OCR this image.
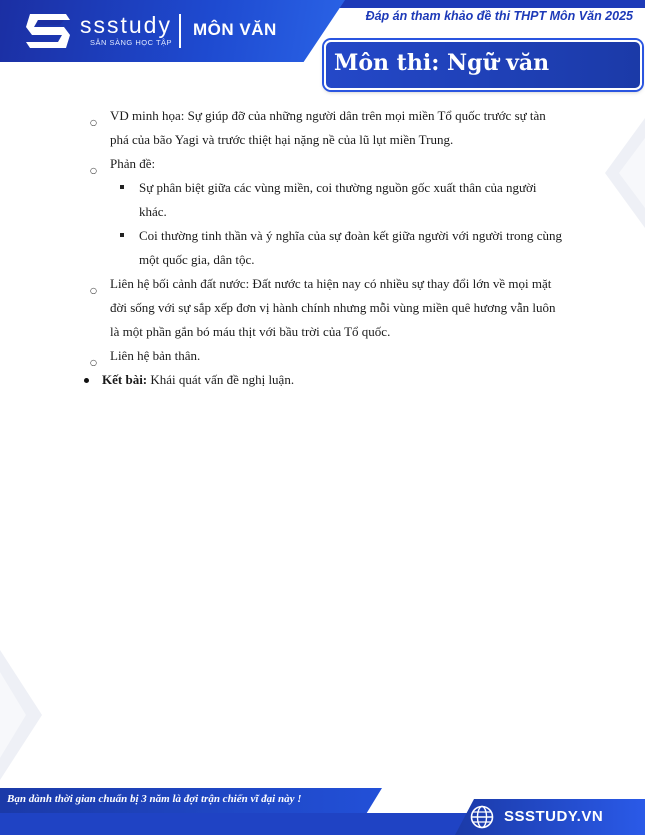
ssstudy
SẴN SÀNG HỌC TẬP
MÔN VĂN
Đáp án tham khảo đề thi THPT Môn Văn 2025
Môn thi: Ngữ văn
○ VD minh họa: Sự giúp đỡ của những người dân trên mọi miền Tổ quốc trước sự tàn
phá của bão Yagi và trước thiệt hại nặng nề của lũ lụt miền Trung.
○ Phản đề:
Sự phân biệt giữa các vùng miền, coi thường nguồn gốc xuất thân của người
khác.
Coi thường tinh thần và ý nghĩa của sự đoàn kết giữa người với người trong cùng
một quốc gia, dân tộc.
○ Liên hệ bối cảnh đất nước: Đất nước ta hiện nay có nhiều sự thay đổi lớn về mọi mặt
đời sống với sự sắp xếp đơn vị hành chính nhưng mỗi vùng miền quê hương vẫn luôn
là một phần gắn bó máu thịt với bầu trời của Tổ quốc.
○ Liên hệ bản thân.
Kết bài: Khái quát vấn đề nghị luận.
Bạn dành thời gian chuẩn bị 3 năm là đợi trận chiến vĩ đại này !
SSSTUDY.VN
